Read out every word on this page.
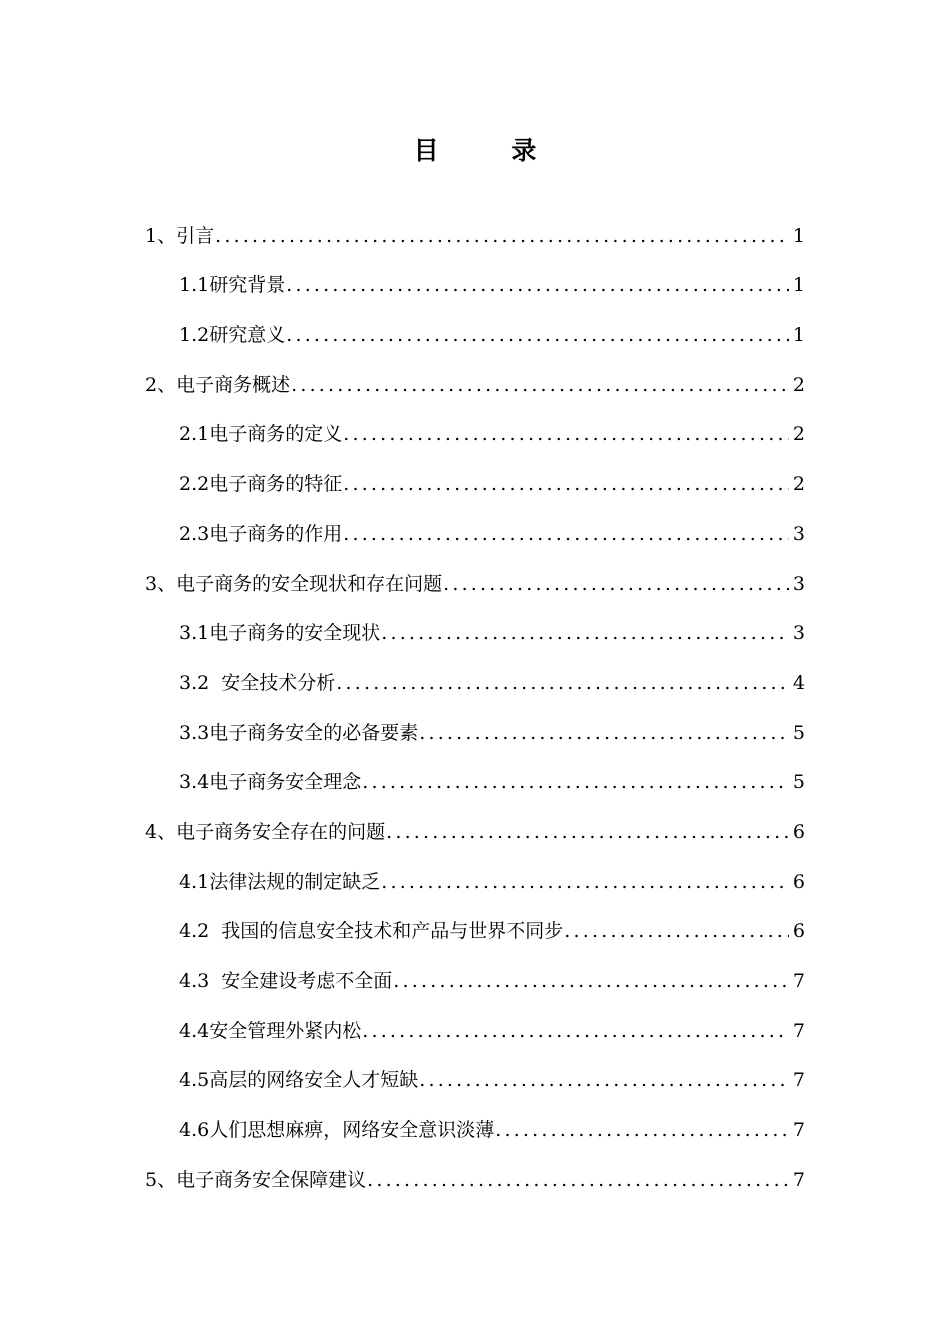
目 录
1、引言 .....	1
1.1研究背景 .....	1
1.2研究意义 .....	1
2、电子商务概述 .....	2
2.1电子商务的定义 .....	2
2.2电子商务的特征 .....	2
2.3电子商务的作用 .....	3
3、电子商务的安全现状和存在问题 .....	3
3.1电子商务的安全现状 .....	3
3.2  安全技术分析 .....	4
3.3电子商务安全的必备要素 .....	5
3.4电子商务安全理念 .....	5
4、电子商务安全存在的问题 .....	6
4.1法律法规的制定缺乏 .....	6
4.2  我国的信息安全技术和产品与世界不同步 .....	6
4.3  安全建设考虑不全面 .....	7
4.4安全管理外紧内松 .....	7
4.5高层的网络安全人才短缺 .....	7
4.6人们思想麻痹，网络安全意识淡薄 .....	7
5、电子商务安全保障建议 .....	7
